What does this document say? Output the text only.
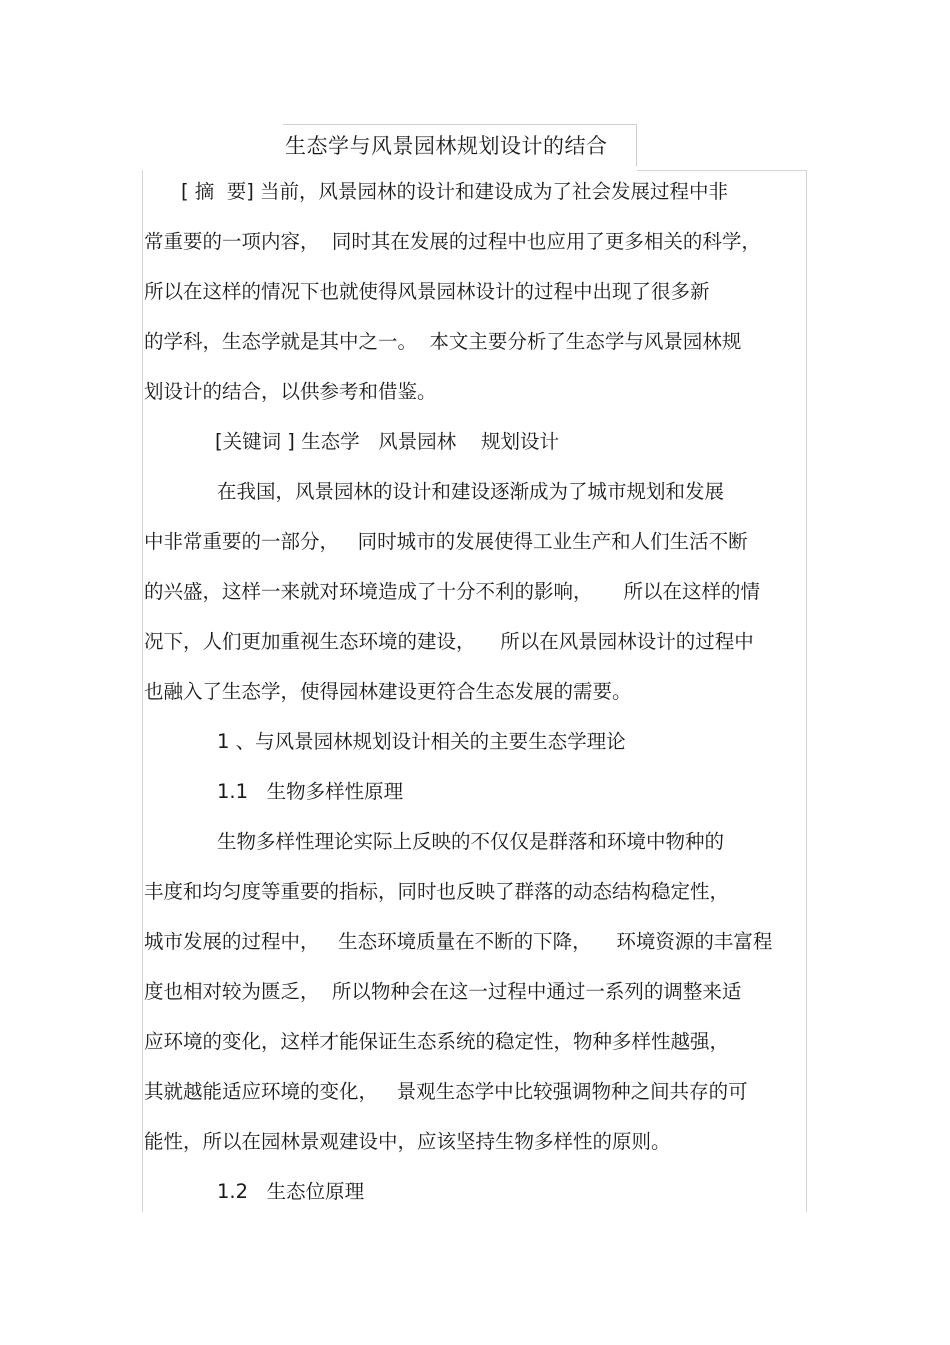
生态学与风景园林规划设计的结合
[ 摘  要] 当前，风景园林的设计和建设成为了社会发展过程中非
常重要的一项内容，  同时其在发展的过程中也应用了更多相关的科学，
所以在这样的情况下也就使得风景园林设计的过程中出现了很多新
的学科，生态学就是其中之一。  本文主要分析了生态学与风景园林规
划设计的结合，以供参考和借鉴。
[关键词 ] 生态学   风景园林    规划设计
在我国，风景园林的设计和建设逐渐成为了城市规划和发展
中非常重要的一部分，   同时城市的发展使得工业生产和人们生活不断
的兴盛，这样一来就对环境造成了十分不利的影响，     所以在这样的情
况下，人们更加重视生态环境的建设，    所以在风景园林设计的过程中
也融入了生态学，使得园林建设更符合生态发展的需要。
1 、与风景园林规划设计相关的主要生态学理论
1.1   生物多样性原理
生物多样性理论实际上反映的不仅仅是群落和环境中物种的
丰度和均匀度等重要的指标，同时也反映了群落的动态结构稳定性，
城市发展的过程中，   生态环境质量在不断的下降，    环境资源的丰富程
度也相对较为匮乏，  所以物种会在这一过程中通过一系列的调整来适
应环境的变化，这样才能保证生态系统的稳定性，物种多样性越强，
其就越能适应环境的变化，   景观生态学中比较强调物种之间共存的可
能性，所以在园林景观建设中，应该坚持生物多样性的原则。
1.2   生态位原理
